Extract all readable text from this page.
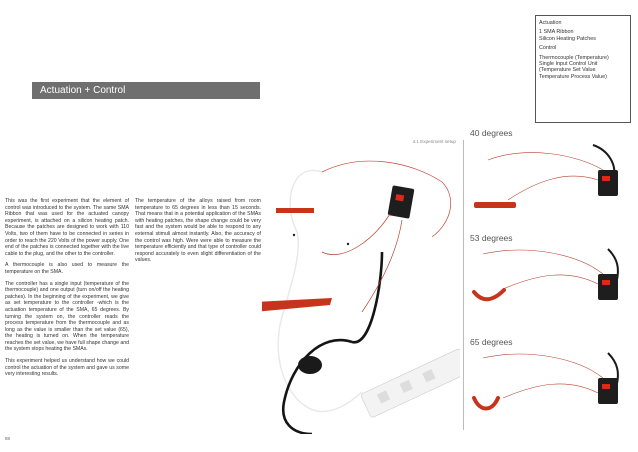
Actuation + Control

Actuation

1 SMA Ribbon
Silicon Heating Patches

Control

Thermocouple (Temperature)
Single Input Control Unit
(Temperature Set Value
Temperature Process Value)

4.1 Experiment setup

This was the first experiment that the element of control was introduced to the system. The same SMA Ribbon that was used for the actuated canopy experiment, is attached on a silicon heating patch. Because the patches are designed to work with 110 Volts, two of them have to be connected in series in order to reach the 220 Volts of the power supply. One end of the patches is connected together with the live cable to the plug, and the other to the controller.

A thermocouple is also used to measure the temperature on the SMA.

The controller has a single input (temperature of the thermocouple) and one output (turn on/off the heating patches). In the beginning of the experiment, we give as set temperature to the controller -which is the actuation temperature of the SMA, 65 degrees. By turning the system on, the controller reads the process temperature from the thermocouple and as long as the value is smaller than the set value (65), the heating is turned on. When the temperature reaches the set value, we have full shape change and the system stops heating the SMAs.

This experiment helped us understand how we could control the actuation of the system and gave us some very interesting results.

The temperature of the alloys raised from room temperature to 65 degrees in less than 15 seconds. That means that in a potential application of the SMAs with heating patches, the shape change could be very fast and the system would be able to respond to any external stimuli almost instantly. Also, the accuracy of the control was high. Were were able to measure the temperature efficiently and that type of controller could respond accurately to even slight differentiation of the values.

40 degrees
53 degrees
65 degrees
88
